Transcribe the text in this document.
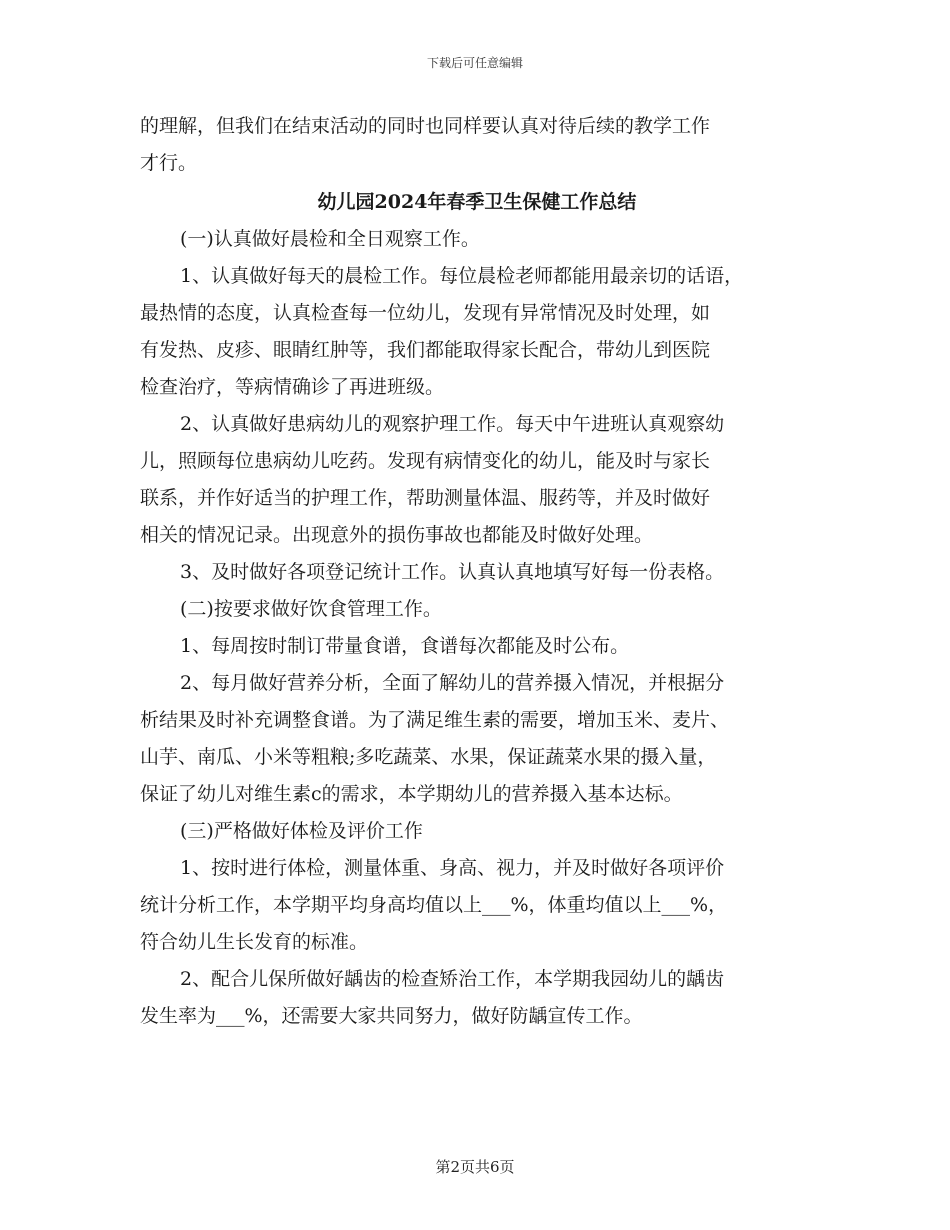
下载后可任意编辑

的理解，但我们在结束活动的同时也同样要认真对待后续的教学工作

才行。

幼儿园2024年春季卫生保健工作总结

(一)认真做好晨检和全日观察工作。

1、认真做好每天的晨检工作。每位晨检老师都能用最亲切的话语，

最热情的态度，认真检查每一位幼儿，发现有异常情况及时处理，如

有发热、皮疹、眼睛红肿等，我们都能取得家长配合，带幼儿到医院

检查治疗，等病情确诊了再进班级。

2、认真做好患病幼儿的观察护理工作。每天中午进班认真观察幼

儿，照顾每位患病幼儿吃药。发现有病情变化的幼儿，能及时与家长

联系，并作好适当的护理工作，帮助测量体温、服药等，并及时做好

相关的情况记录。出现意外的损伤事故也都能及时做好处理。

3、及时做好各项登记统计工作。认真认真地填写好每一份表格。

(二)按要求做好饮食管理工作。

1、每周按时制订带量食谱，食谱每次都能及时公布。

2、每月做好营养分析，全面了解幼儿的营养摄入情况，并根据分

析结果及时补充调整食谱。为了满足维生素的需要，增加玉米、麦片、

山芋、南瓜、小米等粗粮;多吃蔬菜、水果，保证蔬菜水果的摄入量，

保证了幼儿对维生素c的需求，本学期幼儿的营养摄入基本达标。

(三)严格做好体检及评价工作

1、按时进行体检，测量体重、身高、视力，并及时做好各项评价

统计分析工作，本学期平均身高均值以上___%，体重均值以上___%，

符合幼儿生长发育的标准。

2、配合儿保所做好龋齿的检查矫治工作，本学期我园幼儿的龋齿

发生率为___%，还需要大家共同努力，做好防龋宣传工作。

第2页共6页
